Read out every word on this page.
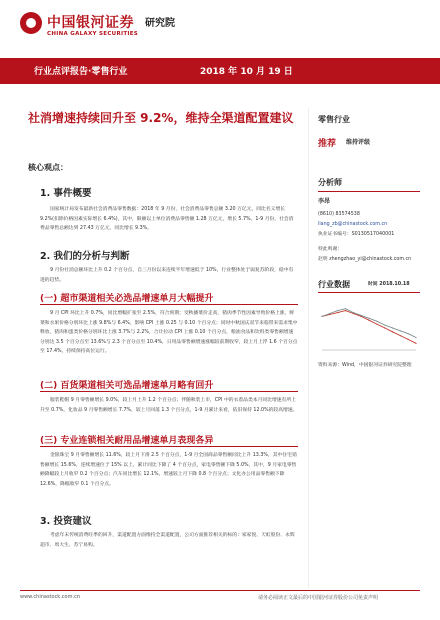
中国银河证券
CHINA GALAXY SECURITIES
研究院
行业点评报告·零售行业	2018 年 10 月 19 日
社消增速持续回升至 9.2%，维持全渠道配置建议
核心观点：
1. 事件概要
国家统计局发布最新社会消费品零售数据：2018 年 9 月份，社会消费品零售总额 3.20 万亿元，同比名义增长 9.2%(扣除价格因素实际增长 6.4%)，其中，限额以上单位消费品零售额 1.28 万亿元，增长 5.7%。1-9 月份，社会消费品零售总额达到 27.43 万亿元，同比增长 9.3%。
2. 我们的分析与判断
9 月份社消总额环比上升 0.2 个百分点，自三月份以来连续半年增速低于 10%，行业整体处于弱复苏阶段，稳中有进的趋势。
(一) 超市渠道相关必选品增速单月大幅提升
9 月 CPI 环比上升 0.7%，同比增幅扩张至 2.5%，符合预期；受秋播菜价走高，猪肉季节性因素导致价格上涨，鲜菜和水果价格分别环比上涨 9.8%与 6.4%，影响 CPI 上涨 0.25 与 0.10 个百分点；同时中秋国庆双节来临带来需求集中释放，猪肉和蛋类价格分别环比上涨 3.7%与 2.2%，合计拉动 CPI 上涨 0.10 个百分点，粮油食品和饮料类零售额增速分别达 3.5 个百分点至 13.6%与 2.3 个百分点至 10.4%，日用品零售额增速涨幅较前期收窄，较上月上浮 1.6 个百分点至 17.4%，持续保持高位运行。
(二) 百货渠道相关可选品增速单月略有回升
服装鞋帽 9 月零售额增长 9.0%，较上月上升 1.2 个百分点；伴随秋装上市，CPI 中的衣着品类本月同比增速有所上升至 0.7%，化妆品 9 月零售额增长 7.7%，较上月回落 1.3 个百分点，1-9 月累计来看，依旧保持 12.0%的较高增速。
(三) 专业连锁相关耐用品增速单月表现各异
金银珠宝 9 月零售额增长 11.6%，较上月下滑 2.5 个百分点，1-9 月全国商品零售额同比上升 13.3%，其中住宅销售额增长 15.6%，连续增速位于 15% 以上，累计同比下降了 4 个百分点，家电零售额下降 5.0%，其中，9 月家电零售额降幅较上月收窄 0.2 个百分点；汽车同比增长 12.1%，增速较上月下降 0.8 个百分点；文化办公用品零售额下降 12.6%，降幅收窄 0.1 个百分点。
3. 投资建议
考虑年末传统消费旺季的回升，渠道配置方面维持全渠道配置，公司方面推荐相关的标的：家家悦、天虹股份、永辉超市、周大生、苏宁易购。
零售行业
推荐 维持评级
分析师
李昂
(8610) 83574538
liang_zb@chinastock.com.cn
执业证书编号：S0130517040001
特此鸣谢：
赵明 zhengzhao_yi@chinastock.com.cn
行业数据	时间 2018.10.18
资料来源：Wind，中国银河证券研究院整理
www.chinastock.com.cn	请务必阅读正文最后的中国银河证券股份公司免责声明
